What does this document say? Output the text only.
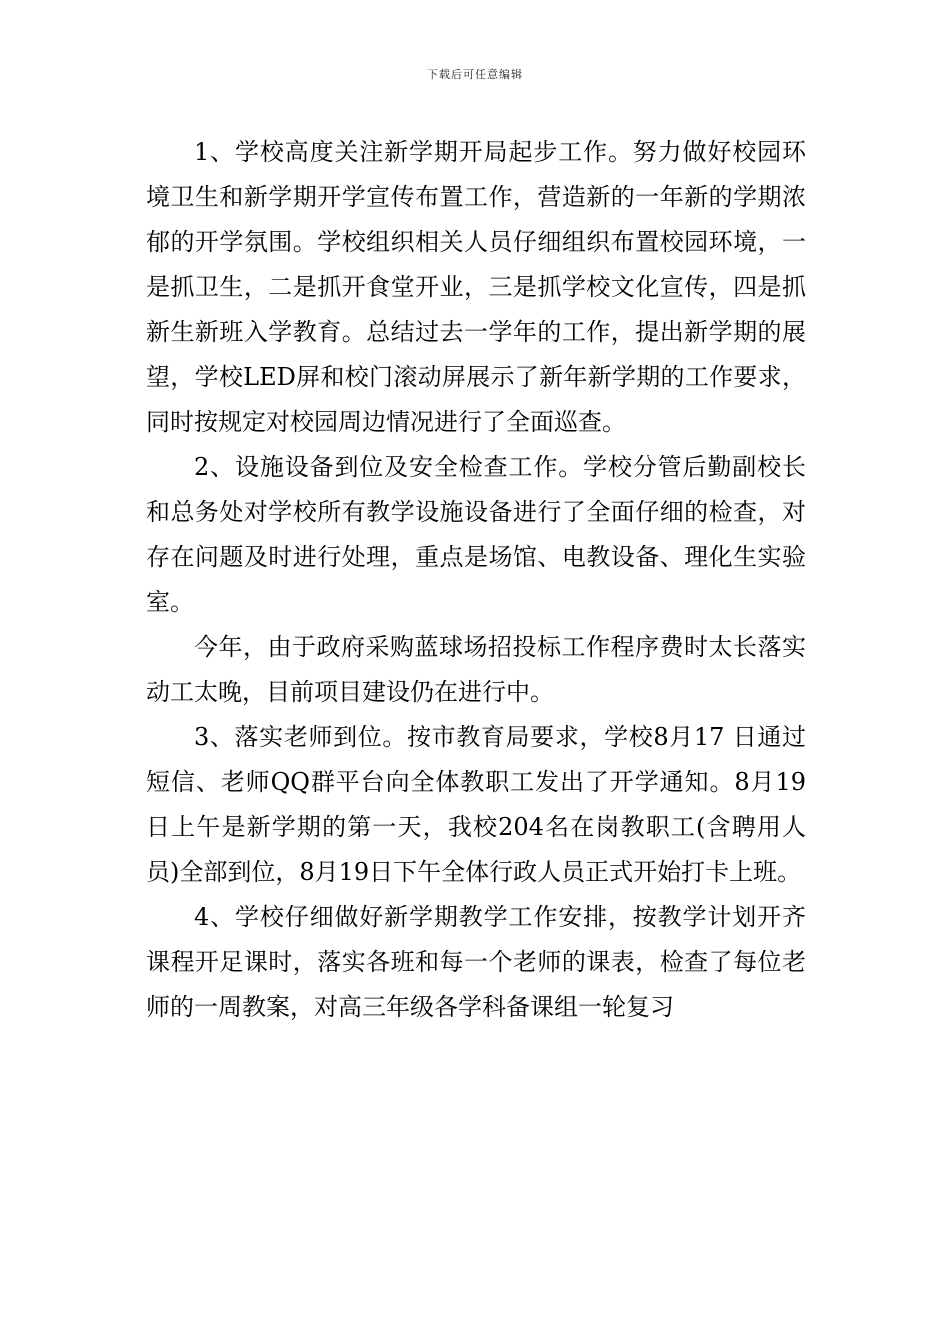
下载后可任意编辑

1、学校高度关注新学期开局起步工作。努力做好校园环境卫生和新学期开学宣传布置工作，营造新的一年新的学期浓郁的开学氛围。学校组织相关人员仔细组织布置校园环境，一是抓卫生，二是抓开食堂开业，三是抓学校文化宣传，四是抓新生新班入学教育。总结过去一学年的工作，提出新学期的展望，学校LED屏和校门滚动屏展示了新年新学期的工作要求，同时按规定对校园周边情况进行了全面巡查。

2、设施设备到位及安全检查工作。学校分管后勤副校长和总务处对学校所有教学设施设备进行了全面仔细的检查，对存在问题及时进行处理，重点是场馆、电教设备、理化生实验室。

今年，由于政府采购蓝球场招投标工作程序费时太长落实动工太晚，目前项目建设仍在进行中。

3、落实老师到位。按市教育局要求，学校8月17 日通过短信、老师QQ群平台向全体教职工发出了开学通知。8月19日上午是新学期的第一天，我校204名在岗教职工(含聘用人员)全部到位，8月19日下午全体行政人员正式开始打卡上班。

4、学校仔细做好新学期教学工作安排，按教学计划开齐课程开足课时，落实各班和每一个老师的课表，检查了每位老师的一周教案，对高三年级各学科备课组一轮复习
